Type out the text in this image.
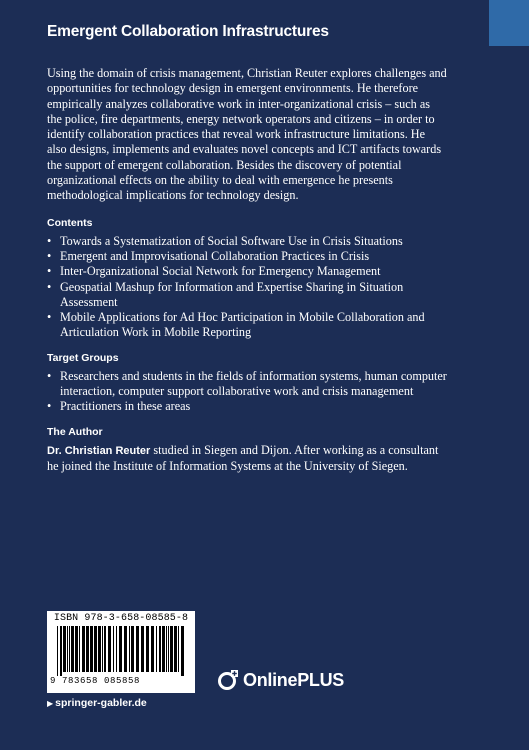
Emergent Collaboration Infrastructures

Using the domain of crisis management, Christian Reuter explores challenges and opportunities for technology design in emergent environments. He therefore empirically analyzes collaborative work in inter-organizational crisis – such as the police, fire departments, energy network operators and citizens – in order to identify collaboration practices that reveal work infrastructure limitations. He also designs, implements and evaluates novel concepts and ICT artifacts towards the support of emergent collaboration. Besides the discovery of potential organizational effects on the ability to deal with emergence he presents methodological implications for technology design.

Contents
• Towards a Systematization of Social Software Use in Crisis Situations
• Emergent and Improvisational Collaboration Practices in Crisis
• Inter-Organizational Social Network for Emergency Management
• Geospatial Mashup for Information and Expertise Sharing in Situation Assessment
• Mobile Applications for Ad Hoc Participation in Mobile Collaboration and Articulation Work in Mobile Reporting
Target Groups
• Researchers and students in the fields of information systems, human computer interaction, computer support collaborative work and crisis management
• Practitioners in these areas
The Author

Dr. Christian Reuter studied in Siegen and Dijon. After working as a consultant he joined the Institute of Information Systems at the University of Siegen.

ISBN 978-3-658-08585-8
9 783658 085858	OnlinePLUS
▶ springer-gabler.de
